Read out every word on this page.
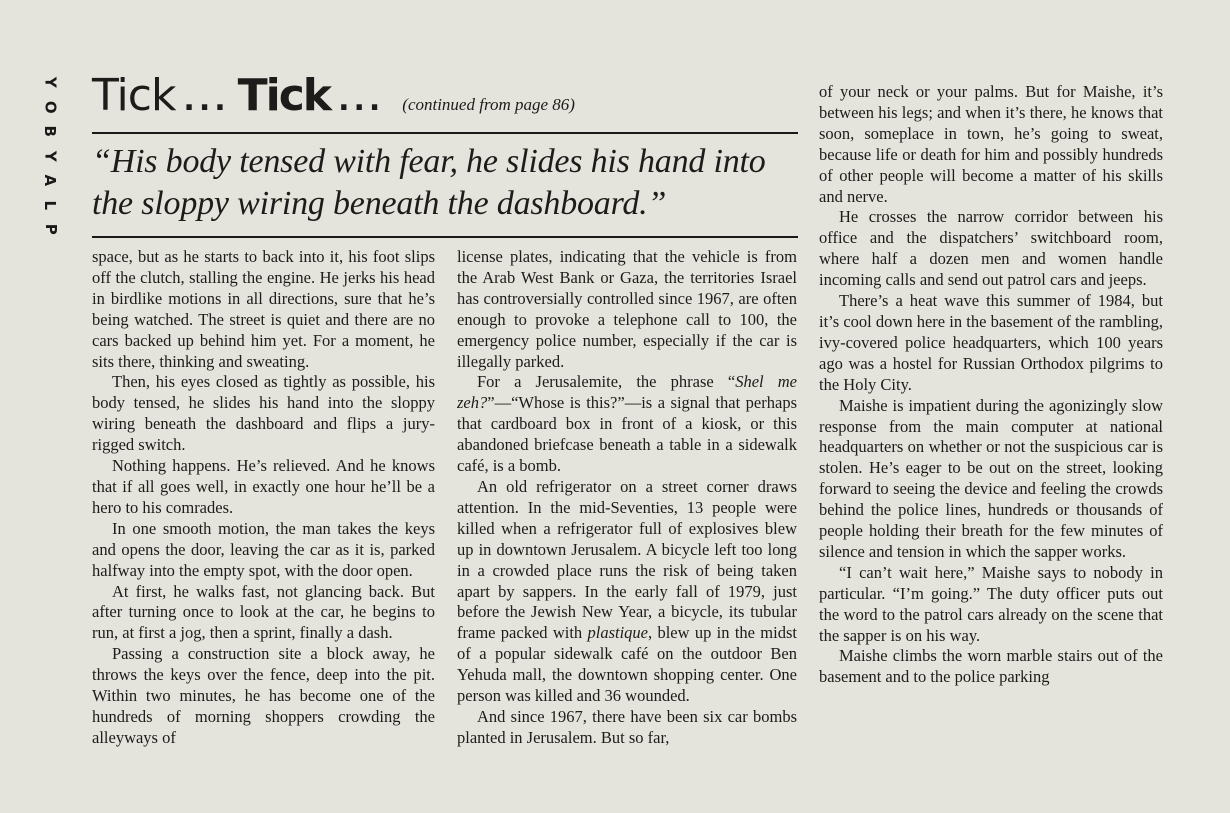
Y
O
B
Y
A
L
P
Tick ... Tick ... (continued from page 86)

“His body tensed with fear, he slides his hand into the sloppy wiring beneath the dashboard.”

space, but as he starts to back into it, his foot slips off the clutch, stalling the engine. He jerks his head in birdlike motions in all directions, sure that he’s being watched. The street is quiet and there are no cars backed up behind him yet. For a moment, he sits there, thinking and sweating.

Then, his eyes closed as tightly as possible, his body tensed, he slides his hand into the sloppy wiring beneath the dashboard and flips a jury-rigged switch.

Nothing happens. He’s relieved. And he knows that if all goes well, in exactly one hour he’ll be a hero to his comrades.

In one smooth motion, the man takes the keys and opens the door, leaving the car as it is, parked halfway into the empty spot, with the door open.

At first, he walks fast, not glancing back. But after turning once to look at the car, he begins to run, at first a jog, then a sprint, finally a dash.

Passing a construction site a block away, he throws the keys over the fence, deep into the pit. Within two minutes, he has become one of the hundreds of morning shoppers crowding the alleyways of

license plates, indicating that the vehicle is from the Arab West Bank or Gaza, the territories Israel has controversially controlled since 1967, are often enough to provoke a telephone call to 100, the emergency police number, especially if the car is illegally parked.

For a Jerusalemite, the phrase “Shel me zeh?”—“Whose is this?”—is a signal that perhaps that cardboard box in front of a kiosk, or this abandoned briefcase beneath a table in a sidewalk café, is a bomb.

An old refrigerator on a street corner draws attention. In the mid-Seventies, 13 people were killed when a refrigerator full of explosives blew up in downtown Jerusalem. A bicycle left too long in a crowded place runs the risk of being taken apart by sappers. In the early fall of 1979, just before the Jewish New Year, a bicycle, its tubular frame packed with plastique, blew up in the midst of a popular sidewalk café on the outdoor Ben Yehuda mall, the downtown shopping center. One person was killed and 36 wounded.

And since 1967, there have been six car bombs planted in Jerusalem. But so far,

of your neck or your palms. But for Maishe, it’s between his legs; and when it’s there, he knows that soon, someplace in town, he’s going to sweat, because life or death for him and possibly hundreds of other people will become a matter of his skills and nerve.

He crosses the narrow corridor between his office and the dispatchers’ switchboard room, where half a dozen men and women handle incoming calls and send out patrol cars and jeeps.

There’s a heat wave this summer of 1984, but it’s cool down here in the basement of the rambling, ivy-covered police headquarters, which 100 years ago was a hostel for Russian Orthodox pilgrims to the Holy City.

Maishe is impatient during the agonizingly slow response from the main computer at national headquarters on whether or not the suspicious car is stolen. He’s eager to be out on the street, looking forward to seeing the device and feeling the crowds behind the police lines, hundreds or thousands of people holding their breath for the few minutes of silence and tension in which the sapper works.

“I can’t wait here,” Maishe says to nobody in particular. “I’m going.” The duty officer puts out the word to the patrol cars already on the scene that the sapper is on his way.

Maishe climbs the worn marble stairs out of the basement and to the police parking
